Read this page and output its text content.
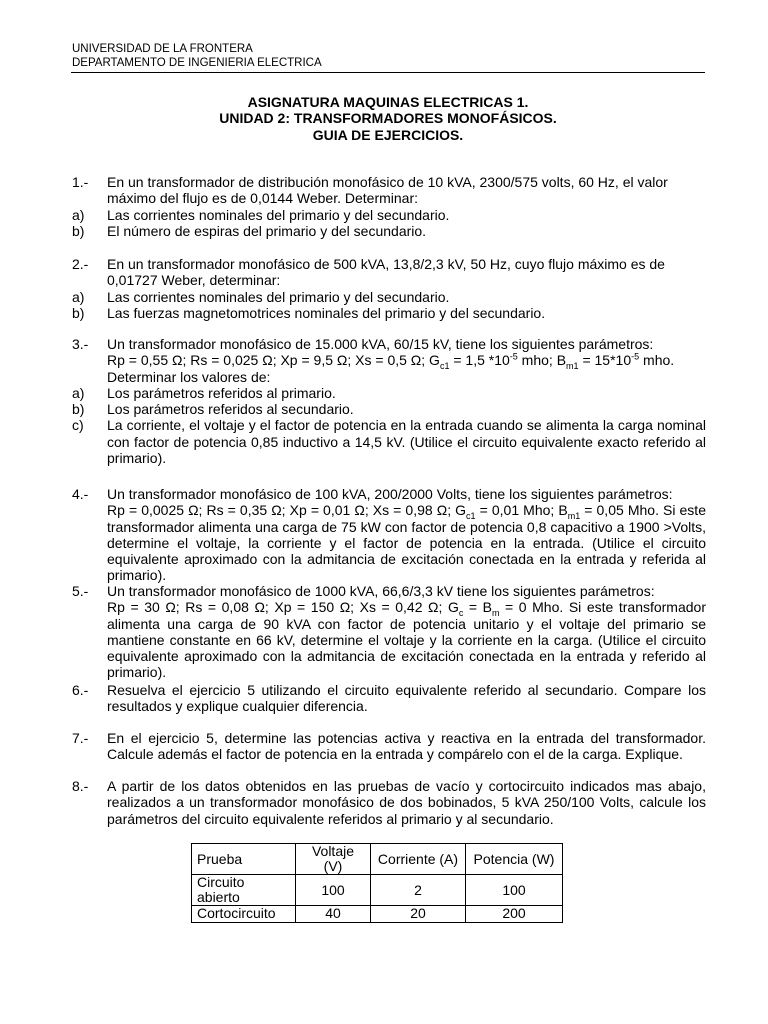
UNIVERSIDAD DE LA FRONTERA
DEPARTAMENTO DE INGENIERIA ELECTRICA
ASIGNATURA MAQUINAS ELECTRICAS 1.
UNIDAD 2: TRANSFORMADORES MONOFÁSICOS.
GUIA DE EJERCICIOS.
1.-	En un transformador de distribución monofásico de 10 kVA, 2300/575 volts, 60 Hz, el valor máximo del flujo es de 0,0144 Weber. Determinar:
a)	Las corrientes nominales del primario y del secundario.
b)	El número de espiras del primario y del secundario.
2.-	En un transformador monofásico de 500 kVA, 13,8/2,3 kV, 50 Hz, cuyo flujo máximo es de 0,01727 Weber, determinar:
a)	Las corrientes nominales del primario y del secundario.
b)	Las fuerzas magnetomotrices nominales del primario y del secundario.
3.-	Un transformador monofásico de 15.000 kVA, 60/15 kV, tiene los siguientes parámetros:
Rp = 0,55 Ω; Rs = 0,025 Ω; Xp = 9,5 Ω; Xs = 0,5 Ω; $G_{c1} = 1,5$ $*10^{-5}$ mho; $B_{m1} = 15*10^{-5}$ mho.
Determinar los valores de:
a)	Los parámetros referidos al primario.
b)	Los parámetros referidos al secundario.
c)	La corriente, el voltaje y el factor de potencia en la entrada cuando se alimenta la carga nominal con factor de potencia 0,85 inductivo a 14,5 kV. (Utilice el circuito equivalente exacto referido al primario).
4.-	Un transformador monofásico de 100 kVA, 200/2000 Volts, tiene los siguientes parámetros:
Rp = 0,0025 Ω; Rs = 0,35 Ω; Xp = 0,01 Ω; Xs = 0,98 Ω; $G_{c1} = 0,01$ Mho; $B_{m1} = 0,05$ Mho. Si este transformador alimenta una carga de 75 kW con factor de potencia 0,8 capacitivo a 1900 >Volts, determine el voltaje, la corriente y el factor de potencia en la entrada. (Utilice el circuito equivalente aproximado con la admitancia de excitación conectada en la entrada y referida al primario).
5.-	Un transformador monofásico de 1000 kVA, 66,6/3,3 kV tiene los siguientes parámetros:
Rp = 30 Ω; Rs = 0,08 Ω; Xp = 150 Ω; Xs = 0,42 Ω; $G_c = B_m = 0$ Mho. Si este transformador alimenta una carga de 90 kVA con factor de potencia unitario y el voltaje del primario se mantiene constante en 66 kV, determine el voltaje y la corriente en la carga. (Utilice el circuito equivalente aproximado con la admitancia de excitación conectada en la entrada y referido al primario).
6.-	Resuelva el ejercicio 5 utilizando el circuito equivalente referido al secundario. Compare los resultados y explique cualquier diferencia.
7.-	En el ejercicio 5, determine las potencias activa y reactiva en la entrada del transformador. Calcule además el factor de potencia en la entrada y compárelo con el de la carga. Explique.
8.-	A partir de los datos obtenidos en las pruebas de vacío y cortocircuito indicados mas abajo, realizados a un transformador monofásico de dos bobinados, 5 kVA 250/100 Volts, calcule los parámetros del circuito equivalente referidos al primario y al secundario.
Prueba	Voltaje (V)	Corriente (A)	Potencia (W)
Circuito abierto	100	2	100
Cortocircuito	40	20	200
